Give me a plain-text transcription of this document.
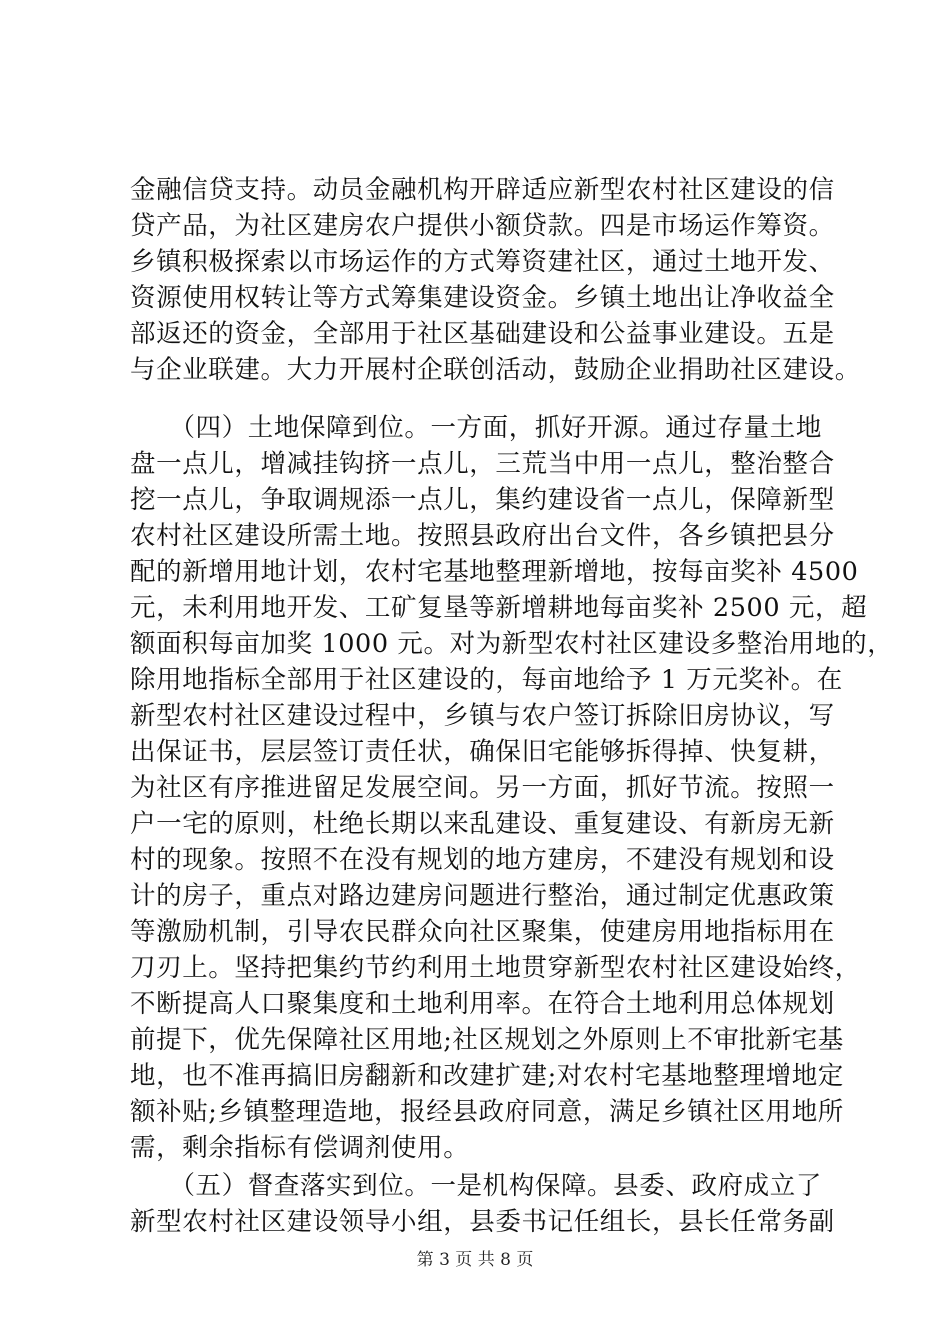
金融信贷支持。动员金融机构开辟适应新型农村社区建设的信
贷产品，为社区建房农户提供小额贷款。四是市场运作筹资。
乡镇积极探索以市场运作的方式筹资建社区，通过土地开发、
资源使用权转让等方式筹集建设资金。乡镇土地出让净收益全
部返还的资金，全部用于社区基础建设和公益事业建设。五是
与企业联建。大力开展村企联创活动，鼓励企业捐助社区建设。
　　（四）土地保障到位。一方面，抓好开源。通过存量土地
盘一点儿，增减挂钩挤一点儿，三荒当中用一点儿，整治整合
挖一点儿，争取调规添一点儿，集约建设省一点儿，保障新型
农村社区建设所需土地。按照县政府出台文件，各乡镇把县分
配的新增用地计划，农村宅基地整理新增地，按每亩奖补 4500
元，未利用地开发、工矿复垦等新增耕地每亩奖补 2500 元，超
额面积每亩加奖 1000 元。对为新型农村社区建设多整治用地的，
除用地指标全部用于社区建设的，每亩地给予 1 万元奖补。在
新型农村社区建设过程中，乡镇与农户签订拆除旧房协议，写
出保证书，层层签订责任状，确保旧宅能够拆得掉、快复耕，
为社区有序推进留足发展空间。另一方面，抓好节流。按照一
户一宅的原则，杜绝长期以来乱建设、重复建设、有新房无新
村的现象。按照不在没有规划的地方建房，不建没有规划和设
计的房子，重点对路边建房问题进行整治，通过制定优惠政策
等激励机制，引导农民群众向社区聚集，使建房用地指标用在
刀刃上。坚持把集约节约利用土地贯穿新型农村社区建设始终，
不断提高人口聚集度和土地利用率。在符合土地利用总体规划
前提下，优先保障社区用地;社区规划之外原则上不审批新宅基
地，也不准再搞旧房翻新和改建扩建;对农村宅基地整理增地定
额补贴;乡镇整理造地，报经县政府同意，满足乡镇社区用地所
需，剩余指标有偿调剂使用。
　　（五）督查落实到位。一是机构保障。县委、政府成立了
新型农村社区建设领导小组，县委书记任组长，县长任常务副
第 3 页 共 8 页
